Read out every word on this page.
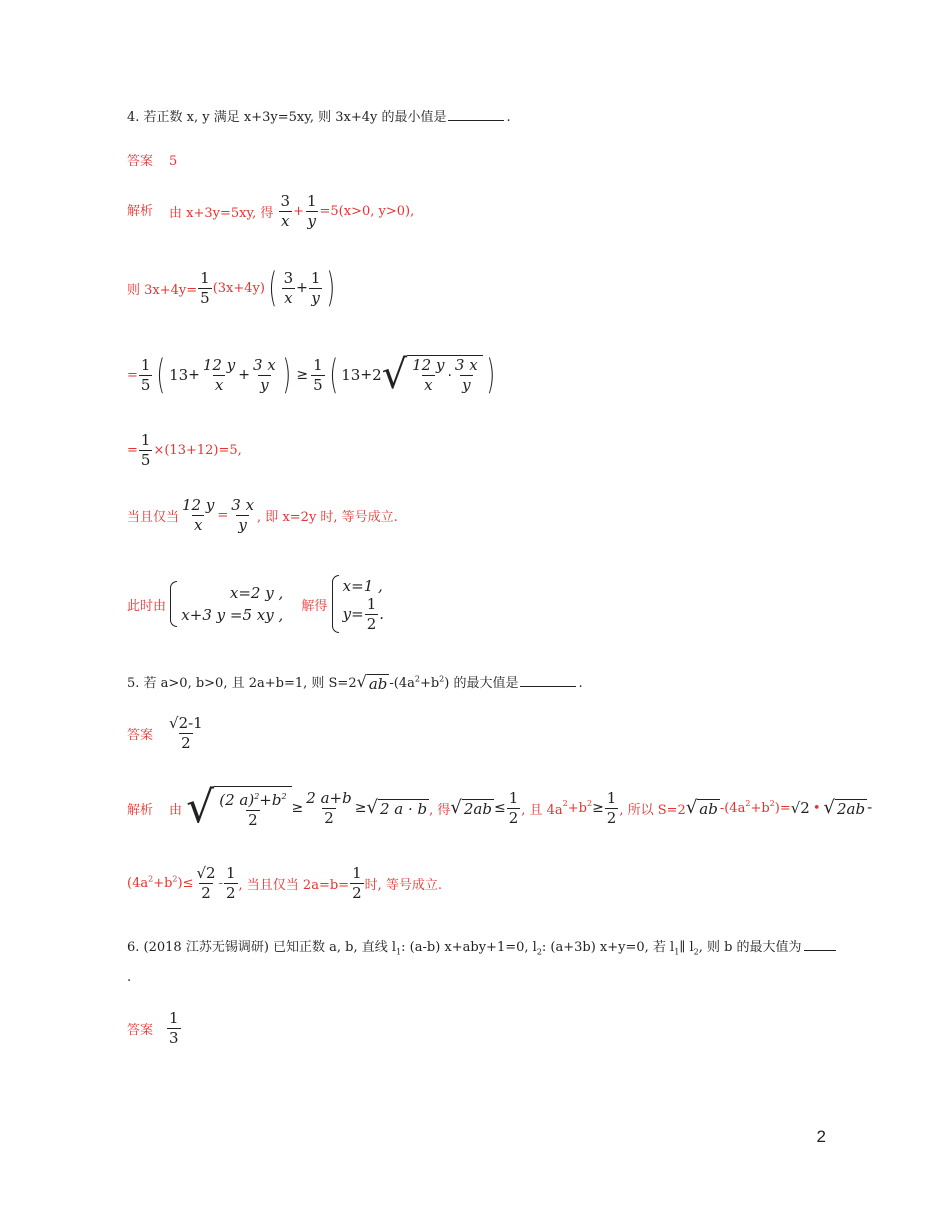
4. 若正数 x, y 满足 x+3y=5xy, 则 3x+4y 的最小值是	.
答案 5
解析 由 x+3y=5xy, 得 $\frac{3}{x} + \frac{1}{y} =5(x>0$, y>0),
则 $3x+4y= \frac{1}{5} (3x+4y)( \frac{3}{x} + \frac{1}{y}$ )
= $\frac{1}{5}$ ( $13+ \frac{12 y}{x} + \frac{3 x}{y}$ ) ≥ $\frac{1}{5}$ ( 13+2 √ $\frac{12 y}{x} \cdot \frac{3 x}{y}$ )
= $\frac{1}{5} \times(13+12)=5$,
当且仅当 $\frac{12 y}{x} = \frac{3 x}{y}$ , 即 x=2y 时, 等号成立.
此时由
x=2 y ,
x+3 y =5 xy , 解得
x=1 ,
$y= \frac{1}{2}$ .
5. 若 a>0, b>0, 且 2a+b=1, 则 S=2 √ ab $-(4a^2+b^2)$ 的最大值是	.
答案 $\frac{√2-1}{2}$
解析 由 √ $\frac{(2 a)^2+b^2}{2} \ge \frac{2 a+b}{2}$ ≥ √ 2 a · b , 得 √ $2ab \le \frac{1}{2}$ , 且 $4a^2+b^2\ge \frac{1}{2}$ , 所以 S=2 √ ab $-(4a^2+b^2)=√2$ • √ 2ab -
$(4a^2+b^2)\le \frac{√2}{2} - \frac{1}{2}$ , 当且仅当 $2a=b= \frac{1}{2}$ 时, 等号成立.
6. (2018 江苏无锡调研) 已知正数 a, b, 直线 $l_1$: (a-b) x+aby+1=0, $l_2$: (a+3b) x+y=0, 若 $l_1\parallel$ $l_2$, 则 b 的最大值为
.
答案 $\frac{1}{3}$
2
